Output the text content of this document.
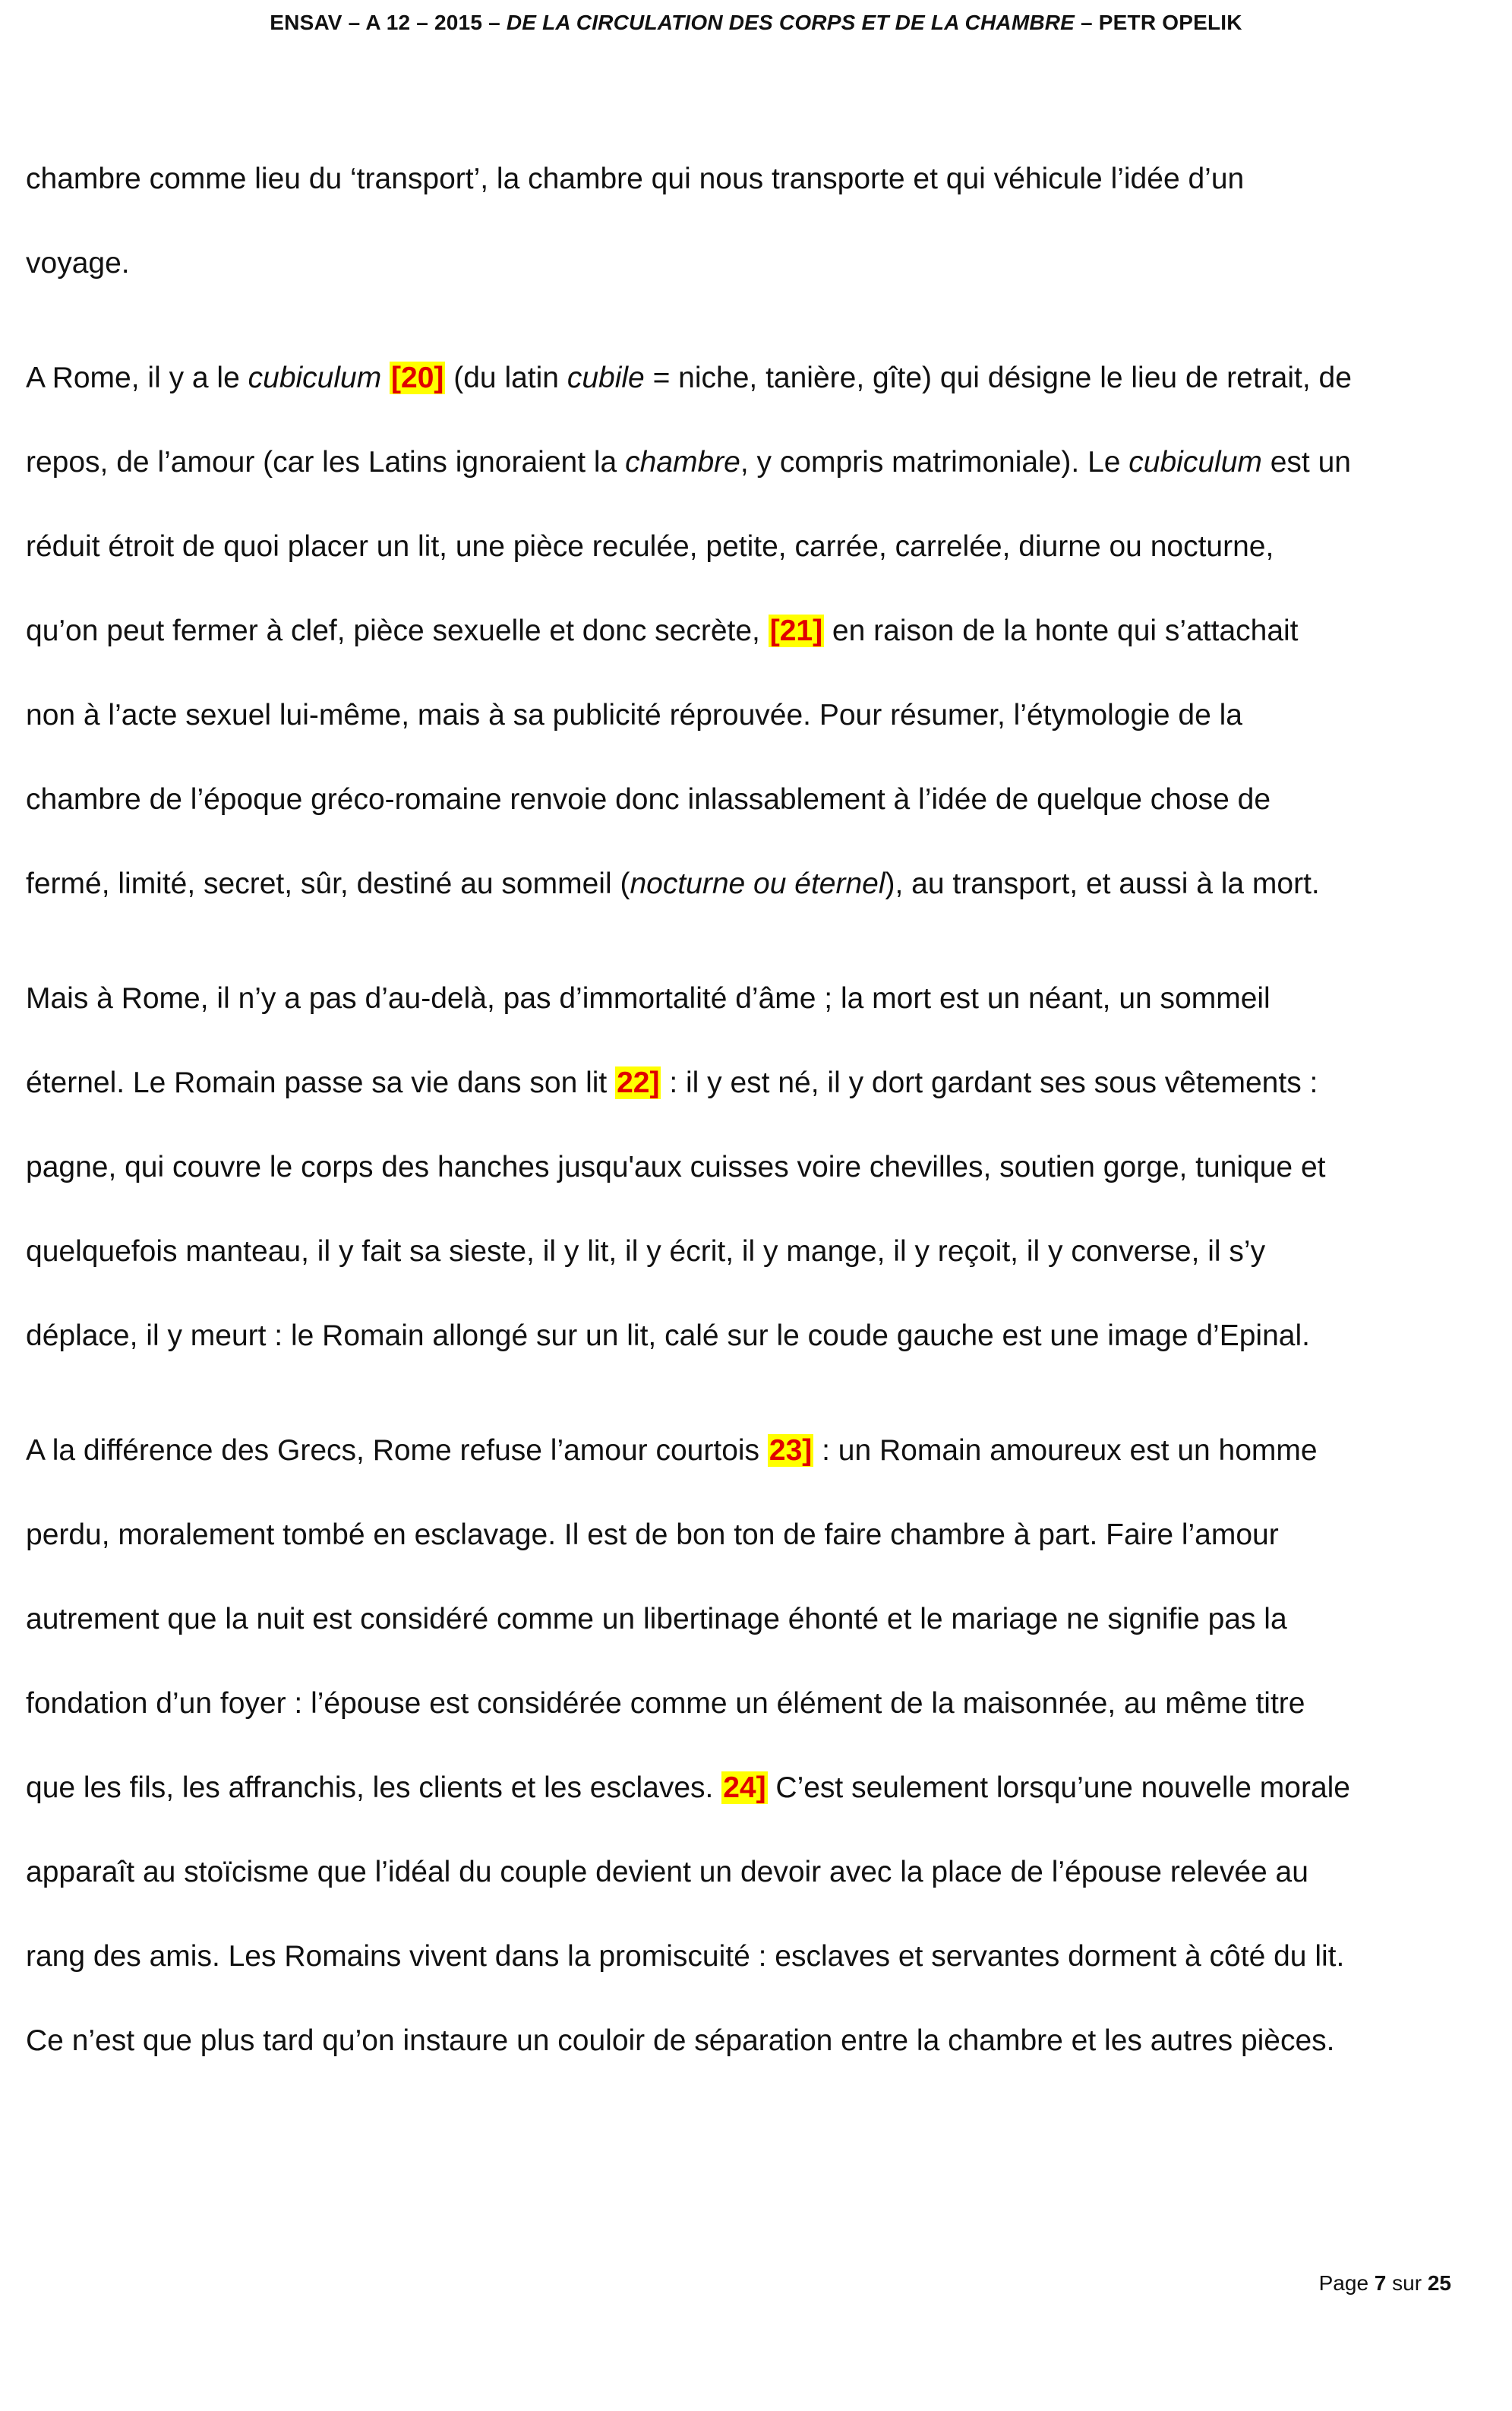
ENSAV – A 12 – 2015 – DE LA CIRCULATION DES CORPS ET DE LA CHAMBRE – PETR OPELIK

chambre comme lieu du ‘transport’, la chambre qui nous transporte et qui véhicule l’idée d’un
voyage.

A Rome, il y a le cubiculum [20] (du latin cubile = niche, tanière, gîte) qui désigne le lieu de retrait, de
repos, de l’amour (car les Latins ignoraient la chambre, y compris matrimoniale). Le cubiculum est un
réduit étroit de quoi placer un lit, une pièce reculée, petite, carrée, carrelée, diurne ou nocturne,
qu’on peut fermer à clef, pièce sexuelle et donc secrète, [21] en raison de la honte qui s’attachait
non à l’acte sexuel lui-même, mais à sa publicité réprouvée. Pour résumer, l’étymologie de la
chambre de l’époque gréco-romaine renvoie donc inlassablement à l’idée de quelque chose de
fermé, limité, secret, sûr, destiné au sommeil (nocturne ou éternel), au transport, et aussi à la mort.

Mais à Rome, il n’y a pas d’au-delà, pas d’immortalité d’âme ; la mort est un néant, un sommeil
éternel. Le Romain passe sa vie dans son lit 22] : il y est né, il y dort gardant ses sous vêtements :
pagne, qui couvre le corps des hanches jusqu'aux cuisses voire chevilles, soutien gorge, tunique et
quelquefois manteau, il y fait sa sieste, il y lit, il y écrit, il y mange, il y reçoit, il y converse, il s’y
déplace, il y meurt : le Romain allongé sur un lit, calé sur le coude gauche est une image d’Epinal.

A la différence des Grecs, Rome refuse l’amour courtois 23] : un Romain amoureux est un homme
perdu, moralement tombé en esclavage. Il est de bon ton de faire chambre à part. Faire l’amour
autrement que la nuit est considéré comme un libertinage éhonté et le mariage ne signifie pas la
fondation d’un foyer : l’épouse est considérée comme un élément de la maisonnée, au même titre
que les fils, les affranchis, les clients et les esclaves. 24] C’est seulement lorsqu’une nouvelle morale
apparaît au stoïcisme que l’idéal du couple devient un devoir avec la place de l’épouse relevée au
rang des amis. Les Romains vivent dans la promiscuité : esclaves et servantes dorment à côté du lit.
Ce n’est que plus tard qu’on instaure un couloir de séparation entre la chambre et les autres pièces.

Page 7 sur 25
